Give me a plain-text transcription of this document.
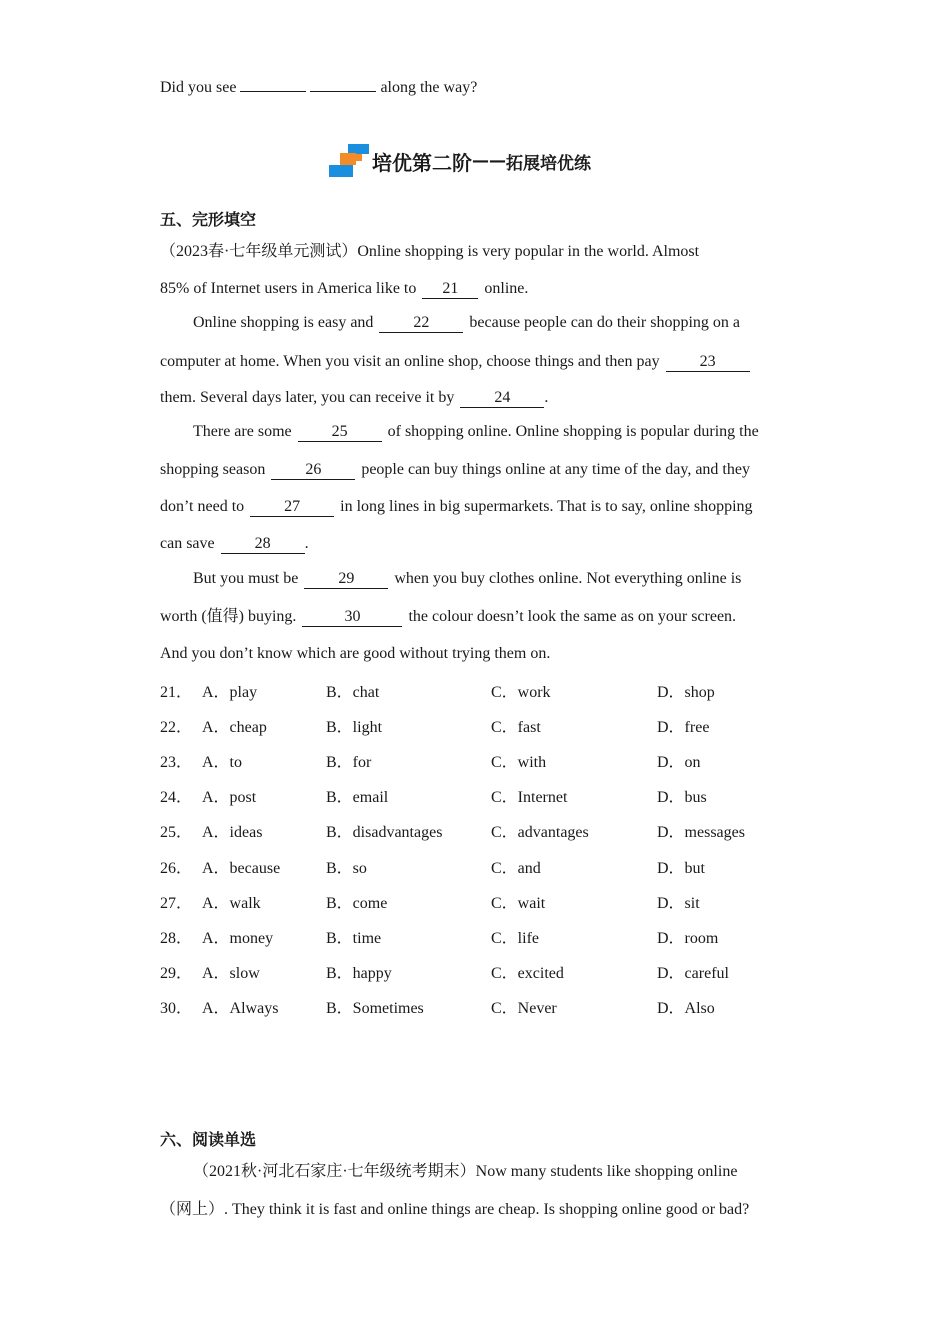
Did you see	along the way?
培优第二阶 —— 拓展培优练
五、完形填空
（2023春·七年级单元测试）Online shopping is very popular in the world. Almost
85% of Internet users in America like to 21 online.
Online shopping is easy and	22	because people can do their shopping on a
computer at home. When you visit an online shop, choose things and then pay	23
them. Several days later, you can receive it by	24 .
There are some	25	of shopping online. Online shopping is popular during the
shopping season	26	people can buy things online at any time of the day, and they
don’t need to	27	in long lines in big supermarkets. That is to say, online shopping
can save	28 .
But you must be	29	when you buy clothes online. Not everything online is
worth (值得) buying.	30	the colour doesn’t look the same as on your screen.
And you don’t know which are good without trying them on.
21． A．play	B．chat	C．work	D．shop
22． A．cheap	B．light	C．fast	D．free
23． A．to	B．for	C．with	D．on
24． A．post	B．email	C．Internet	D．bus
25． A．ideas	B．disadvantages	C．advantages	D．messages
26． A．because	B．so	C．and	D．but
27． A．walk	B．come	C．wait	D．sit
28． A．money	B．time	C．life	D．room
29． A．slow	B．happy	C．excited	D．careful
30． A．Always	B．Sometimes	C．Never	D．Also
六、阅读单选
（2021秋·河北石家庄·七年级统考期末）Now many students like shopping online
（网上）. They think it is fast and online things are cheap. Is shopping online good or bad?
